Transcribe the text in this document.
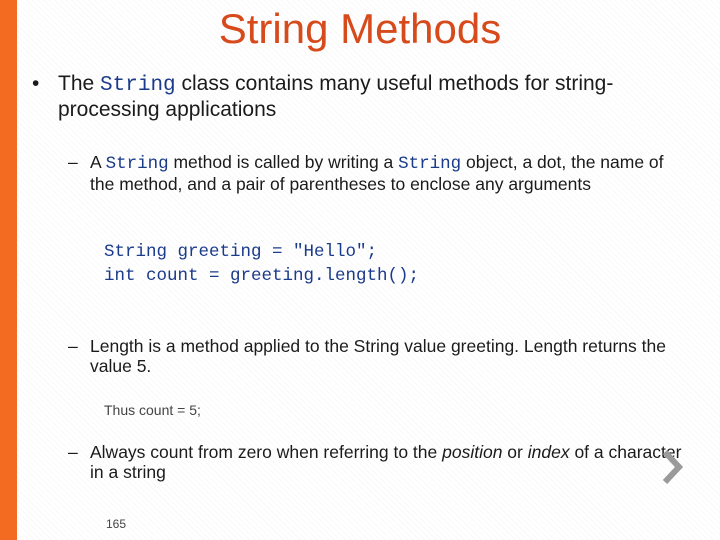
String Methods
• The String class contains many useful methods for string-processing applications
– A String method is called by writing a String object, a dot, the name of the method, and a pair of parentheses to enclose any arguments
String greeting = "Hello";
int count = greeting.length();
– Length is a method applied to the String value greeting. Length returns the value 5.
Thus count = 5;
– Always count from zero when referring to the position or index of a character in a string
165
